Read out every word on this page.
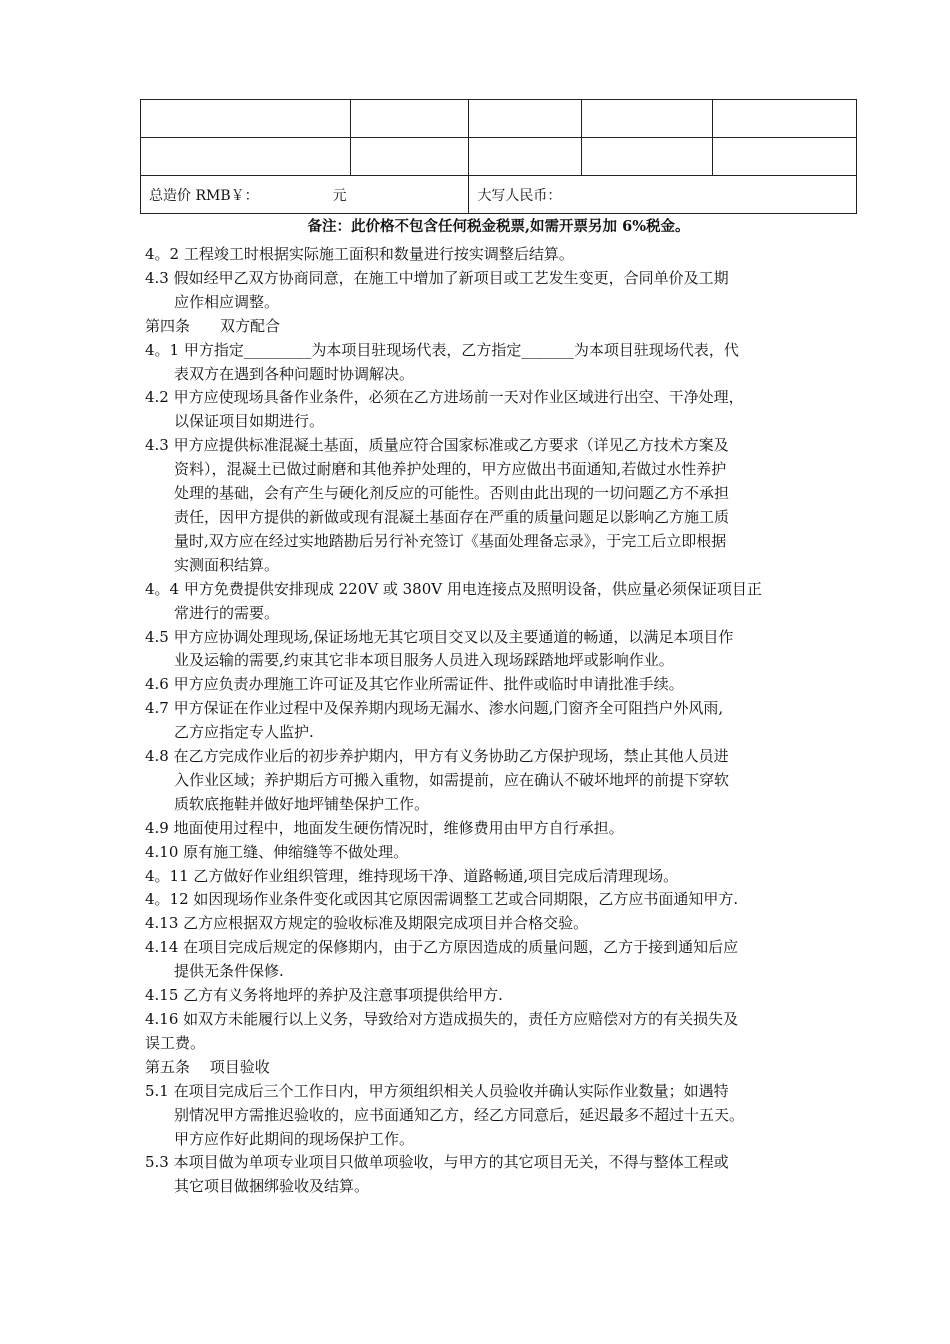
总造价 RMB￥： 元		大写人民币：		
备注：此价格不包含任何税金税票,如需开票另加 6%税金。
4。2 工程竣工时根据实际施工面积和数量进行按实调整后结算。
4.3 假如经甲乙双方协商同意，在施工中增加了新项目或工艺发生变更，合同单价及工期
应作相应调整。
第四条　　双方配合
4。1 甲方指定_________为本项目驻现场代表，乙方指定_______为本项目驻现场代表，代
表双方在遇到各种问题时协调解决。
4.2 甲方应使现场具备作业条件，必须在乙方进场前一天对作业区域进行出空、干净处理，
以保证项目如期进行。
4.3 甲方应提供标准混凝土基面，质量应符合国家标准或乙方要求（详见乙方技术方案及
资料），混凝土已做过耐磨和其他养护处理的，甲方应做出书面通知,若做过水性养护
处理的基础，会有产生与硬化剂反应的可能性。否则由此出现的一切问题乙方不承担
责任，因甲方提供的新做或现有混凝土基面存在严重的质量问题足以影响乙方施工质
量时,双方应在经过实地踏勘后另行补充签订《基面处理备忘录》，于完工后立即根据
实测面积结算。
4。4 甲方免费提供安排现成 220V 或 380V 用电连接点及照明设备，供应量必须保证项目正
常进行的需要。
4.5 甲方应协调处理现场,保证场地无其它项目交叉以及主要通道的畅通，以满足本项目作
业及运输的需要,约束其它非本项目服务人员进入现场踩踏地坪或影响作业。
4.6 甲方应负责办理施工许可证及其它作业所需证件、批件或临时申请批准手续。
4.7 甲方保证在作业过程中及保养期内现场无漏水、渗水问题,门窗齐全可阻挡户外风雨,
乙方应指定专人监护.
4.8 在乙方完成作业后的初步养护期内，甲方有义务协助乙方保护现场，禁止其他人员进
入作业区域；养护期后方可搬入重物，如需提前，应在确认不破坏地坪的前提下穿软
质软底拖鞋并做好地坪铺垫保护工作。
4.9 地面使用过程中，地面发生硬伤情况时，维修费用由甲方自行承担。
4.10 原有施工缝、伸缩缝等不做处理。
4。11 乙方做好作业组织管理，维持现场干净、道路畅通,项目完成后清理现场。
4。12 如因现场作业条件变化或因其它原因需调整工艺或合同期限，乙方应书面通知甲方.
4.13 乙方应根据双方规定的验收标准及期限完成项目并合格交验。
4.14 在项目完成后规定的保修期内，由于乙方原因造成的质量问题，乙方于接到通知后应
提供无条件保修.
4.15 乙方有义务将地坪的养护及注意事项提供给甲方.
4.16 如双方未能履行以上义务，导致给对方造成损失的，责任方应赔偿对方的有关损失及
误工费。
第五条　 项目验收
5.1 在项目完成后三个工作日内，甲方须组织相关人员验收并确认实际作业数量；如遇特
别情况甲方需推迟验收的，应书面通知乙方，经乙方同意后，延迟最多不超过十五天。
甲方应作好此期间的现场保护工作。
5.3 本项目做为单项专业项目只做单项验收，与甲方的其它项目无关，不得与整体工程或
其它项目做捆绑验收及结算。
